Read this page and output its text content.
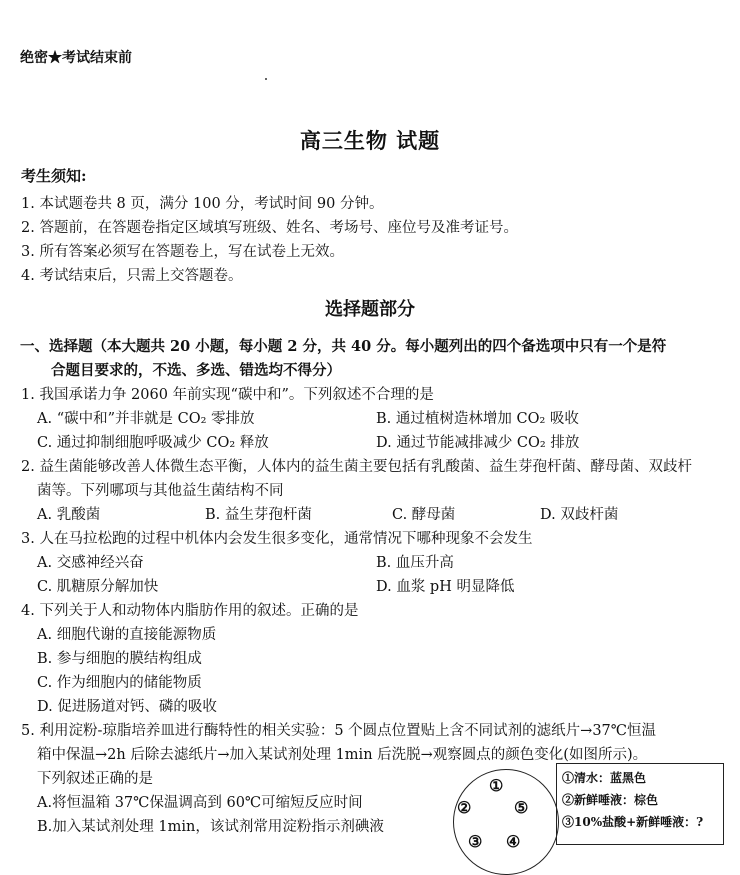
绝密★考试结束前
高三生物 试题
考生须知:
1. 本试题卷共 8 页，满分 100 分，考试时间 90 分钟。
2. 答题前，在答题卷指定区域填写班级、姓名、考场号、座位号及准考证号。
3. 所有答案必须写在答题卷上，写在试卷上无效。
4. 考试结束后，只需上交答题卷。
选择题部分
一、选择题（本大题共 20 小题，每小题 2 分，共 40 分。每小题列出的四个备选项中只有一个是符
合题目要求的，不选、多选、错选均不得分）
1. 我国承诺力争 2060 年前实现“碳中和”。下列叙述不合理的是
A. “碳中和”并非就是 CO₂ 零排放	B. 通过植树造林增加 CO₂ 吸收
C. 通过抑制细胞呼吸减少 CO₂ 释放	D. 通过节能减排减少 CO₂ 排放
2. 益生菌能够改善人体微生态平衡，人体内的益生菌主要包括有乳酸菌、益生芽孢杆菌、酵母菌、双歧杆
菌等。下列哪项与其他益生菌结构不同
A. 乳酸菌	B. 益生芽孢杆菌	C. 酵母菌	D. 双歧杆菌
3. 人在马拉松跑的过程中机体内会发生很多变化，通常情况下哪种现象不会发生
A. 交感神经兴奋	B. 血压升高
C. 肌糖原分解加快	D. 血浆 pH 明显降低
4. 下列关于人和动物体内脂肪作用的叙述。正确的是
A. 细胞代谢的直接能源物质
B. 参与细胞的膜结构组成
C. 作为细胞内的储能物质
D. 促进肠道对钙、磷的吸收
5. 利用淀粉-琼脂培养皿进行酶特性的相关实验：5 个圆点位置贴上含不同试剂的滤纸片→37℃恒温
箱中保温→2h 后除去滤纸片→加入某试剂处理 1min 后洗脱→观察圆点的颜色变化(如图所示)。
下列叙述正确的是
A.将恒温箱 37℃保温调高到 60℃可缩短反应时间
B.加入某试剂处理 1min，该试剂常用淀粉指示剂碘液
①
②	⑤
③ ④
①清水：蓝黑色
②新鲜唾液：棕色
③10%盐酸+新鲜唾液：?
